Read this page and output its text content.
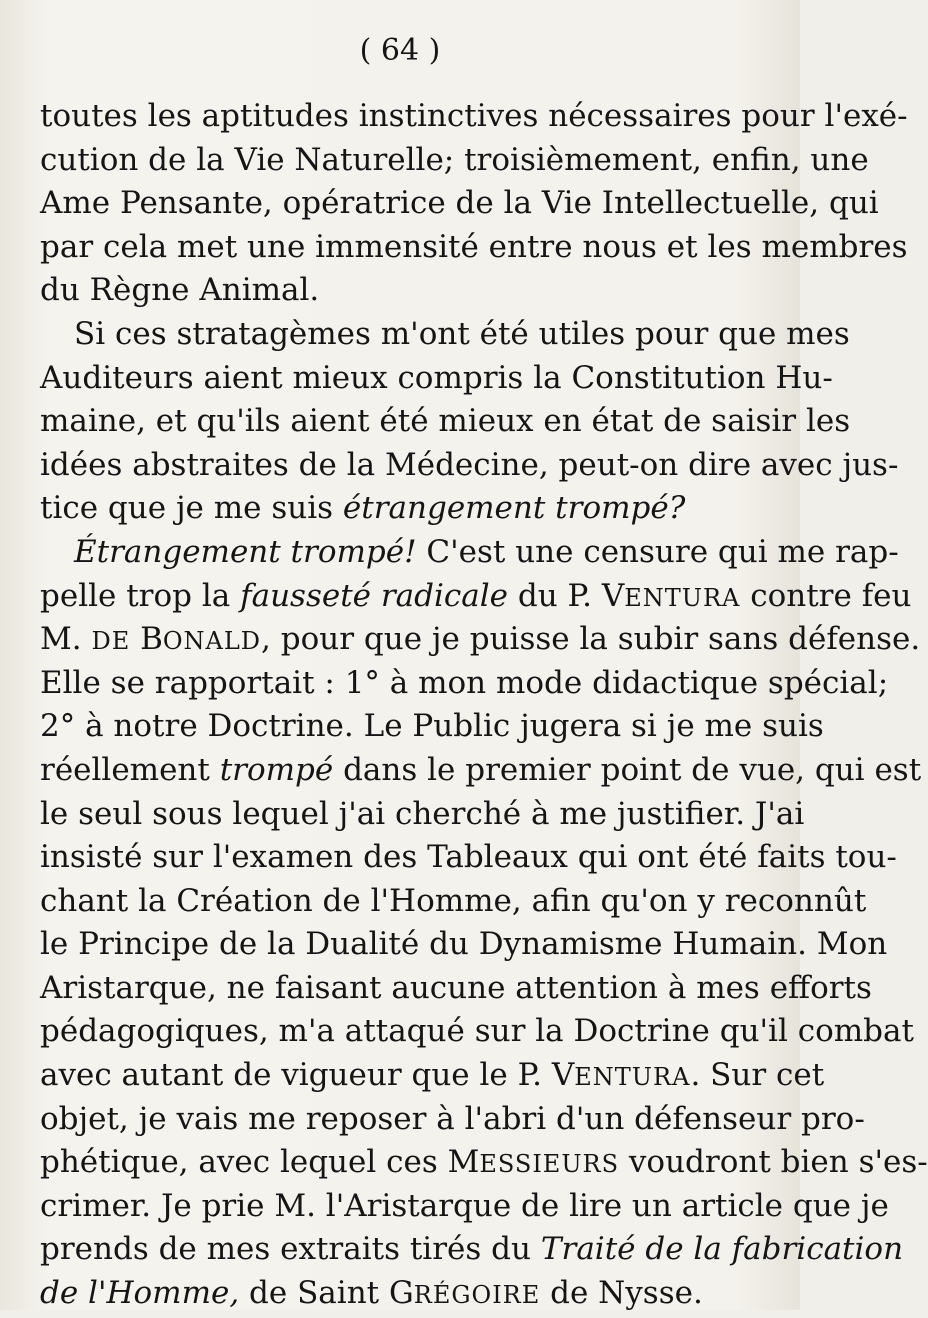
( 64 )
toutes les aptitudes instinctives nécessaires pour l'exé-
cution de la Vie Naturelle; troisièmement, enfin, une
Ame Pensante, opératrice de la Vie Intellectuelle, qui
par cela met une immensité entre nous et les membres
du Règne Animal.
Si ces stratagèmes m'ont été utiles pour que mes
Auditeurs aient mieux compris la Constitution Hu-
maine, et qu'ils aient été mieux en état de saisir les
idées abstraites de la Médecine, peut-on dire avec jus-
tice que je me suis étrangement trompé?
Étrangement trompé! C'est une censure qui me rap-
pelle trop la fausseté radicale du P. VENTURA contre feu
M. DE BONALD, pour que je puisse la subir sans défense.
Elle se rapportait : 1° à mon mode didactique spécial;
2° à notre Doctrine. Le Public jugera si je me suis
réellement trompé dans le premier point de vue, qui est
le seul sous lequel j'ai cherché à me justifier. J'ai
insisté sur l'examen des Tableaux qui ont été faits tou-
chant la Création de l'Homme, afin qu'on y reconnût
le Principe de la Dualité du Dynamisme Humain. Mon
Aristarque, ne faisant aucune attention à mes efforts
pédagogiques, m'a attaqué sur la Doctrine qu'il combat
avec autant de vigueur que le P. VENTURA. Sur cet
objet, je vais me reposer à l'abri d'un défenseur pro-
phétique, avec lequel ces MESSIEURS voudront bien s'es-
crimer. Je prie M. l'Aristarque de lire un article que je
prends de mes extraits tirés du Traité de la fabrication
de l'Homme, de Saint GRÉGOIRE de Nysse.
